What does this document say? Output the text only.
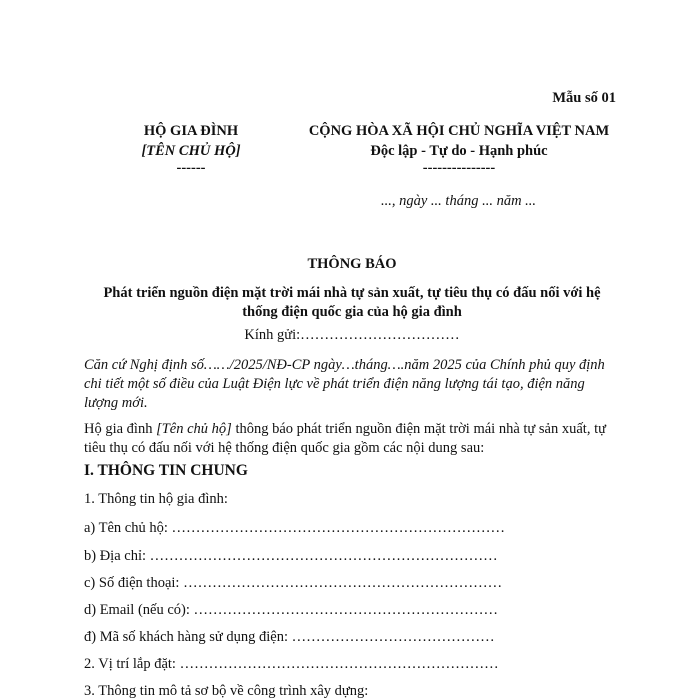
Mẫu số 01
HỘ GIA ĐÌNH
[TÊN CHỦ HỘ]
------
CỘNG HÒA XÃ HỘI CHỦ NGHĨA VIỆT NAM
Độc lập - Tự do - Hạnh phúc
---------------
..., ngày ... tháng ... năm ...
THÔNG BÁO
Phát triển nguồn điện mặt trời mái nhà tự sản xuất, tự tiêu thụ có đấu nối với hệ
thống điện quốc gia của hộ gia đình
Kính gửi:……………………………
Căn cứ Nghị định số……/2025/NĐ-CP ngày…tháng….năm 2025 của Chính phủ quy định chi tiết một số điều của Luật Điện lực về phát triển điện năng lượng tái tạo, điện năng lượng mới.
Hộ gia đình [Tên chủ hộ] thông báo phát triển nguồn điện mặt trời mái nhà tự sản xuất, tự tiêu thụ có đấu nối với hệ thống điện quốc gia gồm các nội dung sau:
I. THÔNG TIN CHUNG
1. Thông tin hộ gia đình:
a) Tên chủ hộ: ……………………………………………………………
b) Địa chỉ: ………………………………………………………………
c) Số điện thoại: …………………………………………………………
d) Email (nếu có): ………………………………………………………
đ) Mã số khách hàng sử dụng điện: ……………………………………
2. Vị trí lắp đặt: …………………………………………………………
3. Thông tin mô tả sơ bộ về công trình xây dựng:
